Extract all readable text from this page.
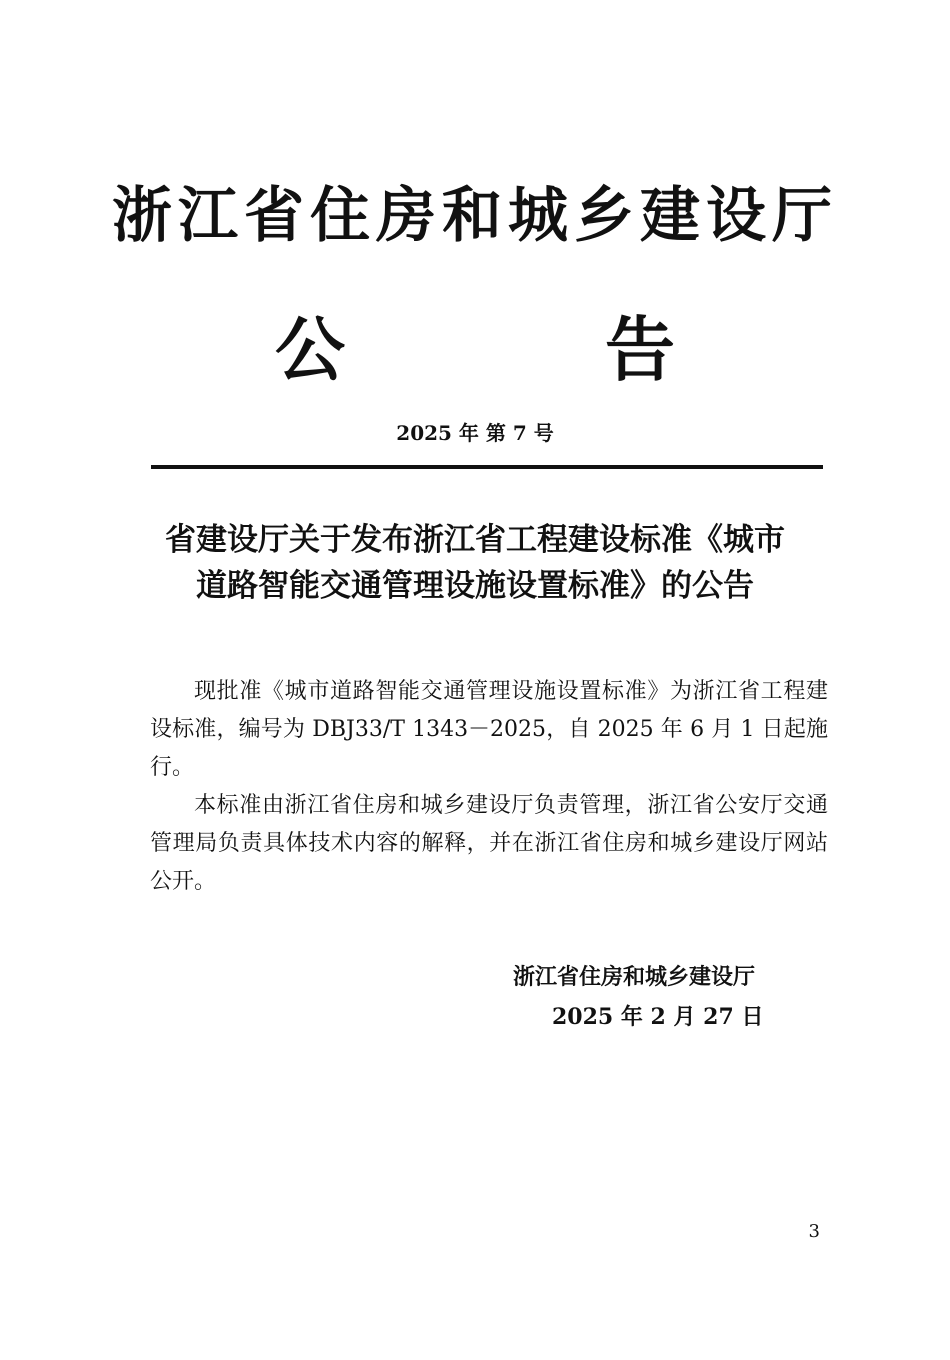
浙江省住房和城乡建设厅
公　告
2025 年 第 7 号
省建设厅关于发布浙江省工程建设标准《城市
道路智能交通管理设施设置标准》的公告

现批准《城市道路智能交通管理设施设置标准》为浙江省工程建设标准，编号为 DBJ33/T 1343－2025，自 2025 年 6 月 1 日起施行。

本标准由浙江省住房和城乡建设厅负责管理，浙江省公安厅交通管理局负责具体技术内容的解释，并在浙江省住房和城乡建设厅网站公开。

浙江省住房和城乡建设厅
2025 年 2 月 27 日
3
